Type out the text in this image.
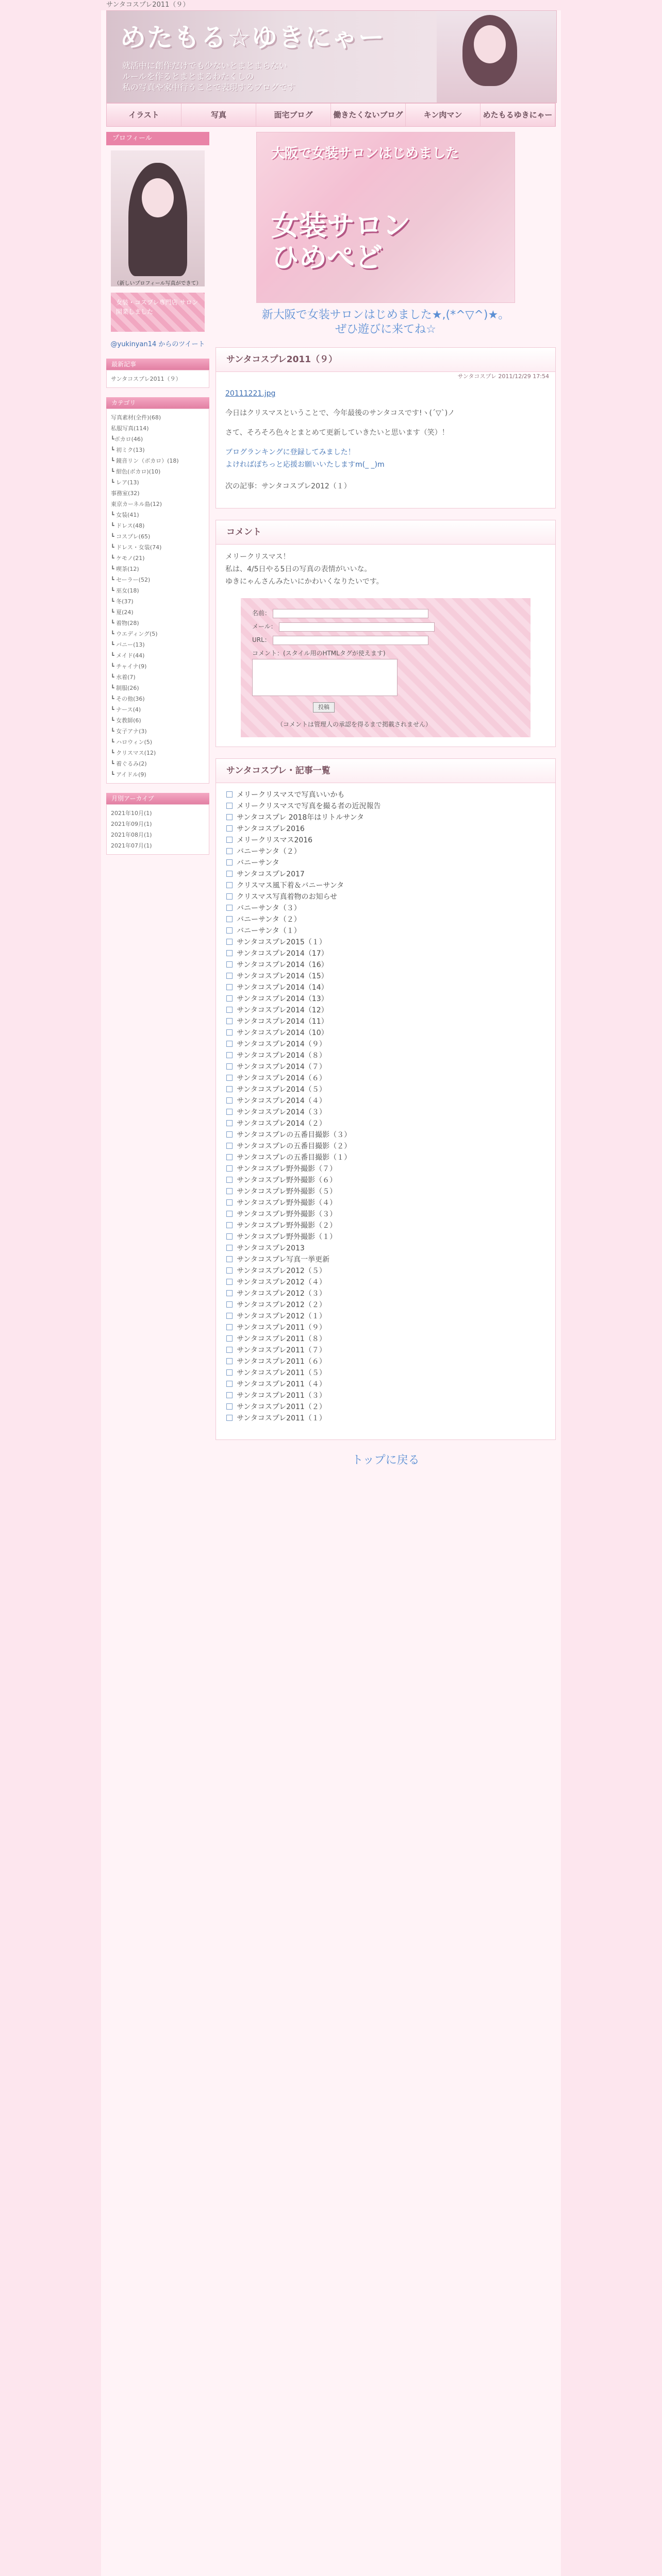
サンタコスプレ2011（９）
めたもる☆ゆきにゃー
就活中に創作だけでも少ないとまとまらない
ルールを作るとまとまるわたくしの
私の写真や家中行うことで表現するブログです
イラスト	写真	面宅ブログ	働きたくないブログ	キン肉マン	めたもるゆきにゃー
プロフィール
（新しいプロフィール写真ができて）
女装・コスプレ専門店 サロン開業しました
@yukinyan14 からのツイート
最新記事
サンタコスプレ2011（９）
カテゴリ
写真素材(全件)(68)
私服写真(114)
┗ボカロ(46)
┗ 初ミク(13)
┗ 鏡音リン（ボカロ）(18)
┗ 紺色(ボカロ)(10)
┗ レア(13)
事務室(32)
東京カーネル島(12)
┗ 女装(41)
┗ ドレス(48)
┗ コスプレ(65)
┗ ドレス・女装(74)
┗ ケモノ(21)
┗ 喫茶(12)
┗ セーラー(52)
┗ 巫女(18)
┗ 冬(37)
┗ 夏(24)
┗ 着物(28)
┗ ウエディング(5)
┗ バニー(13)
┗ メイド(44)
┗ チャイナ(9)
┗ 水着(7)
┗ 制服(26)
┗ その他(36)
┗ ナース(4)
┗ 女教師(6)
┗ 女子アナ(3)
┗ ハロウィン(5)
┗ クリスマス(12)
┗ 着ぐるみ(2)
┗ アイドル(9)
月別アーカイブ
2021年10月(1)
2021年09月(1)
2021年08月(1)
2021年07月(1)
大阪で女装サロンはじめました
女装サロン
ひめぺど
新大阪で女装サロンはじめました★,(*^▽^)★。
ぜひ遊びに来てね☆
サンタコスプレ2011（９）
サンタコスプレ 2011/12/29 17:54
20111221.jpg

今日はクリスマスということで、今年最後のサンタコスです!ヽ(´▽`)ノ

さて、そろそろ色々とまとめて更新していきたいと思います（笑）！

ブログランキングに登録してみました！
よければぽちっと応援お願いいたしますm(_ _)m
次の記事：サンタコスプレ2012（１）
コメント
メリークリスマス！
私は、4/5日やる5日の写真の表情がいいな。
ゆきにゃんさんみたいにかわいくなりたいです。
名前：
メール：
URL：
コメント：(スタイル用のHTMLタグが使えます)
投稿
（コメントは管理人の承認を得るまで掲載されません）
サンタコスプレ・記事一覧
メリークリスマスで写真いいかも
メリークリスマスで写真を撮る者の近況報告
サンタコスプレ 2018年はリトルサンタ
サンタコスプレ2016
メリークリスマス2016
バニーサンタ（２）
バニーサンタ
サンタコスプレ2017
クリスマス風下着＆バニーサンタ
クリスマス写真着物のお知らせ
バニーサンタ（３）
バニーサンタ（２）
バニーサンタ（１）
サンタコスプレ2015（１）
サンタコスプレ2014（17）
サンタコスプレ2014（16）
サンタコスプレ2014（15）
サンタコスプレ2014（14）
サンタコスプレ2014（13）
サンタコスプレ2014（12）
サンタコスプレ2014（11）
サンタコスプレ2014（10）
サンタコスプレ2014（９）
サンタコスプレ2014（８）
サンタコスプレ2014（７）
サンタコスプレ2014（６）
サンタコスプレ2014（５）
サンタコスプレ2014（４）
サンタコスプレ2014（３）
サンタコスプレ2014（２）
サンタコスプレの五番目撮影（３）
サンタコスプレの五番目撮影（２）
サンタコスプレの五番目撮影（１）
サンタコスプレ野外撮影（７）
サンタコスプレ野外撮影（６）
サンタコスプレ野外撮影（５）
サンタコスプレ野外撮影（４）
サンタコスプレ野外撮影（３）
サンタコスプレ野外撮影（２）
サンタコスプレ野外撮影（１）
サンタコスプレ2013
サンタコスプレ写真一挙更新
サンタコスプレ2012（５）
サンタコスプレ2012（４）
サンタコスプレ2012（３）
サンタコスプレ2012（２）
サンタコスプレ2012（１）
サンタコスプレ2011（９）
サンタコスプレ2011（８）
サンタコスプレ2011（７）
サンタコスプレ2011（６）
サンタコスプレ2011（５）
サンタコスプレ2011（４）
サンタコスプレ2011（３）
サンタコスプレ2011（２）
サンタコスプレ2011（１）
トップに戻る
